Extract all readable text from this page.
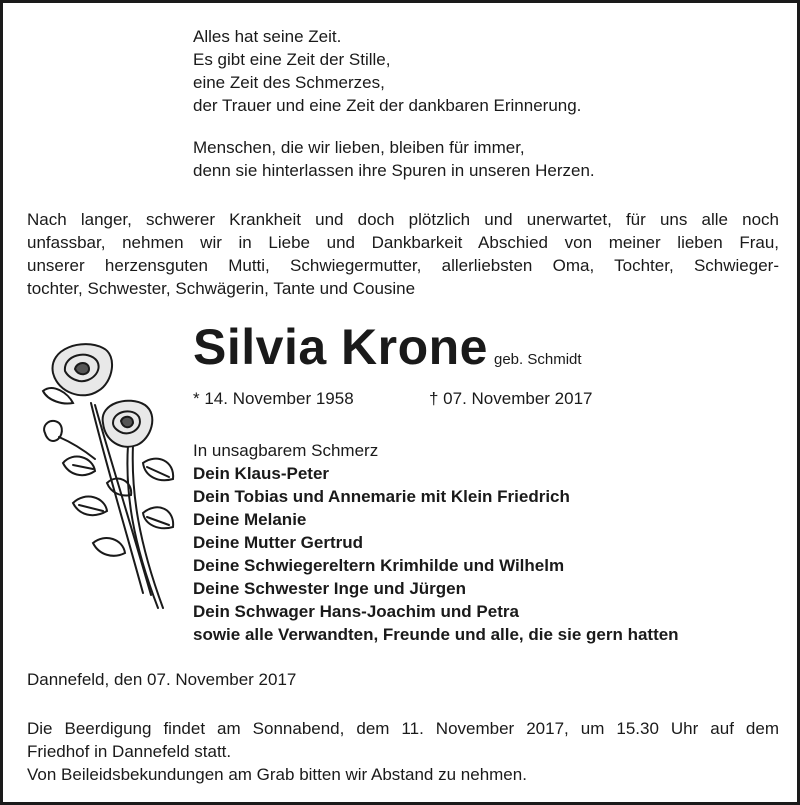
Alles hat seine Zeit.
Es gibt eine Zeit der Stille,
eine Zeit des Schmerzes,
der Trauer und eine Zeit der dankbaren Erinnerung.
Menschen, die wir lieben, bleiben für immer,
denn sie hinterlassen ihre Spuren in unseren Herzen.
Nach langer, schwerer Krankheit und doch plötzlich und unerwartet, für uns alle noch
unfassbar, nehmen wir in Liebe und Dankbarkeit Abschied von meiner lieben Frau,
unserer herzensguten Mutti, Schwiegermutter, allerliebsten Oma, Tochter, Schwieger-
tochter, Schwester, Schwägerin, Tante und Cousine
Silvia Krone geb. Schmidt
* 14. November 1958	† 07. November 2017
In unsagbarem Schmerz
Dein Klaus-Peter
Dein Tobias und Annemarie mit Klein Friedrich
Deine Melanie
Deine Mutter Gertrud
Deine Schwiegereltern Krimhilde und Wilhelm
Deine Schwester Inge und Jürgen
Dein Schwager Hans-Joachim und Petra
sowie alle Verwandten, Freunde und alle, die sie gern hatten
Dannefeld, den 07. November 2017
Die Beerdigung findet am Sonnabend, dem 11. November 2017, um 15.30 Uhr auf dem
Friedhof in Dannefeld statt.
Von Beileidsbekundungen am Grab bitten wir Abstand zu nehmen.
